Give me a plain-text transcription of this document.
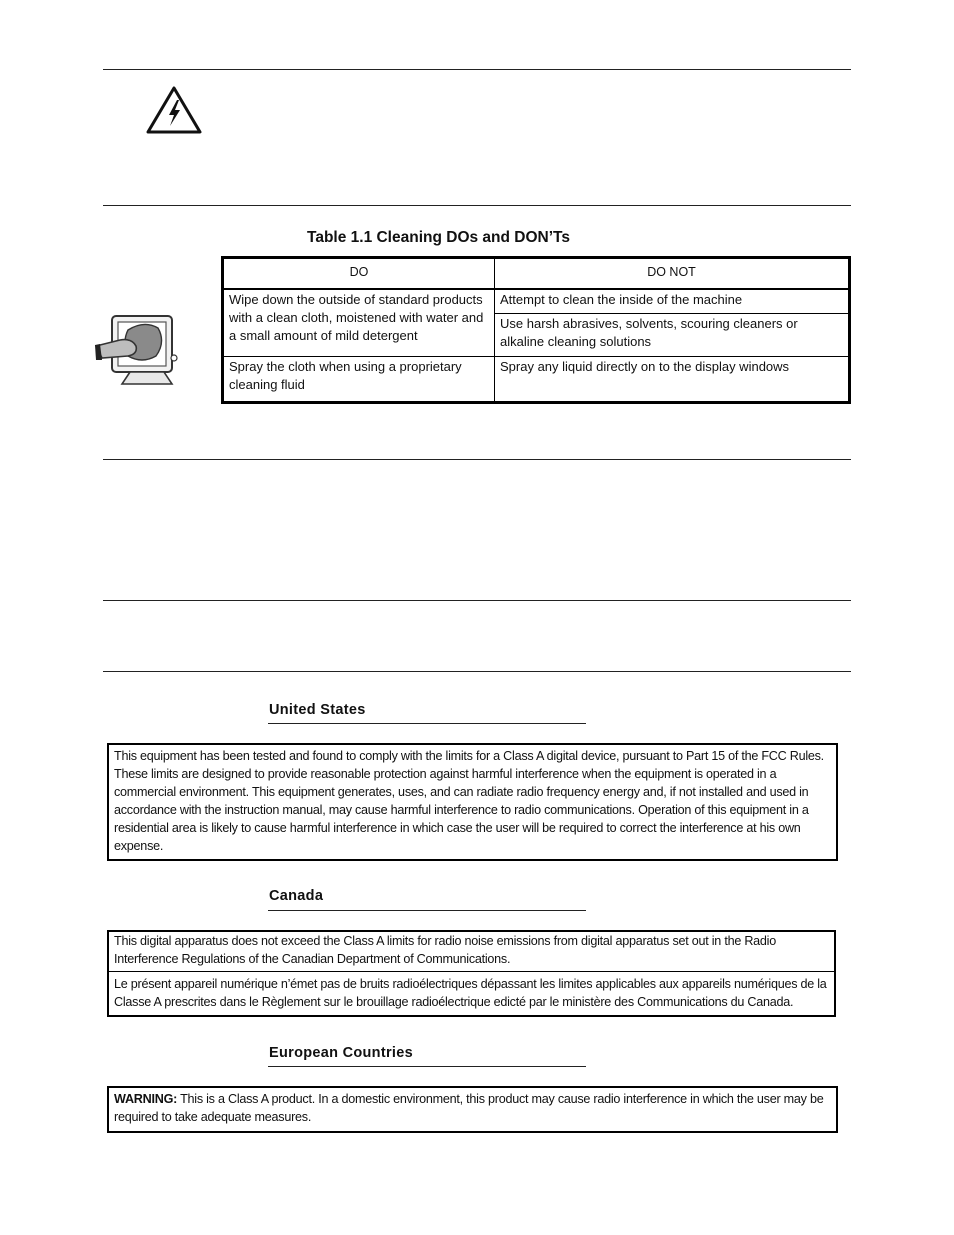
Table 1.1 Cleaning DOs and DON’Ts
DO	DO NOT
Wipe down the outside of standard products with a clean cloth, moistened with water and a small amount of mild detergent	Attempt to clean the inside of the machine
	Use harsh abrasives, solvents, scouring cleaners or alkaline cleaning solutions
Spray the cloth when using a proprietary cleaning fluid	Spray any liquid directly on to the display windows
United States
This equipment has been tested and found to comply with the limits for a Class A digital device, pursuant to Part 15 of the FCC Rules. These limits are designed to provide reasonable protection against harmful interference when the equipment is operated in a commercial environment. This equipment generates, uses, and can radiate radio frequency energy and, if not installed and used in accordance with the instruction manual, may cause harmful interference to radio communications. Operation of this equipment in a residential area is likely to cause harmful interference in which case the user will be required to correct the interference at his own expense.
Canada
This digital apparatus does not exceed the Class A limits for radio noise emissions from digital apparatus set out in the Radio Interference Regulations of the Canadian Department of Communications.
Le présent appareil numérique n’émet pas de bruits radioélectriques dépassant les limites applicables aux appareils numériques de la Classe A prescrites dans le Règlement sur le brouillage radioélectrique edicté par le ministère des Communications du Canada.
European Countries
WARNING: This is a Class A product. In a domestic environment, this product may cause radio interference in which the user may be required to take adequate measures.
